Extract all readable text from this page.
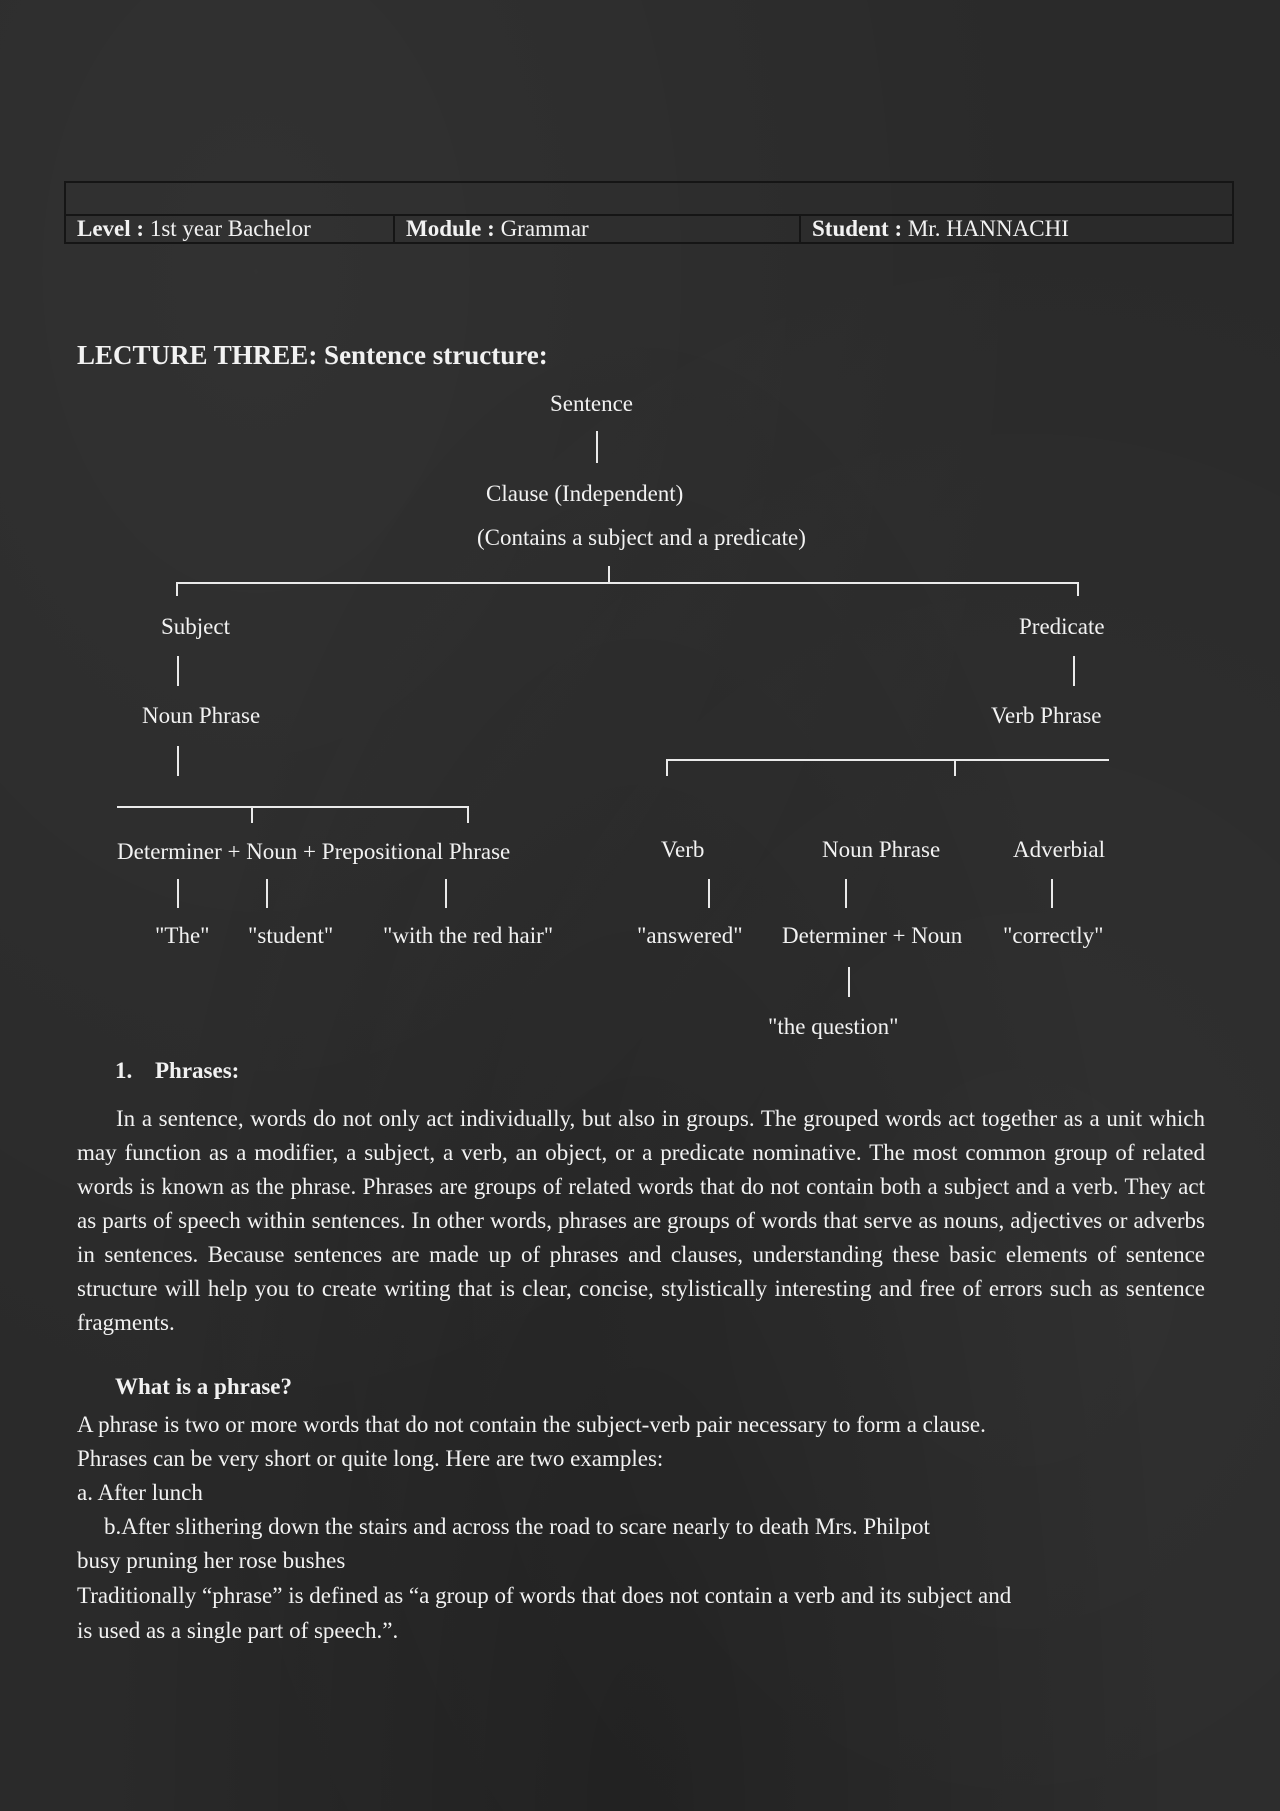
Level : 1st year Bachelor	Module : Grammar	Student : Mr. HANNACHI
LECTURE THREE: Sentence structure:
Sentence
Clause (Independent)
(Contains a subject and a predicate)
Subject	Predicate
Noun Phrase	Verb Phrase
Determiner + Noun + Prepositional Phrase	Verb	Noun Phrase	Adverbial
"The" "student" "with the red hair"	"answered" Determiner + Noun "correctly"
"the question"
1. Phrases:
In a sentence, words do not only act individually, but also in groups. The grouped words act together as a unit which may function as a modifier, a subject, a verb, an object, or a predicate nominative. The most common group of related words is known as the phrase. Phrases are groups of related words that do not contain both a subject and a verb. They act as parts of speech within sentences. In other words, phrases are groups of words that serve as nouns, adjectives or adverbs in sentences. Because sentences are made up of phrases and clauses, understanding these basic elements of sentence structure will help you to create writing that is clear, concise, stylistically interesting and free of errors such as sentence fragments.
What is a phrase?
A phrase is two or more words that do not contain the subject-verb pair necessary to form a clause.
Phrases can be very short or quite long. Here are two examples:
a. After lunch
b.After slithering down the stairs and across the road to scare nearly to death Mrs. Philpot
busy pruning her rose bushes
Traditionally “phrase” is defined as “a group of words that does not contain a verb and its subject and
is used as a single part of speech.”.
